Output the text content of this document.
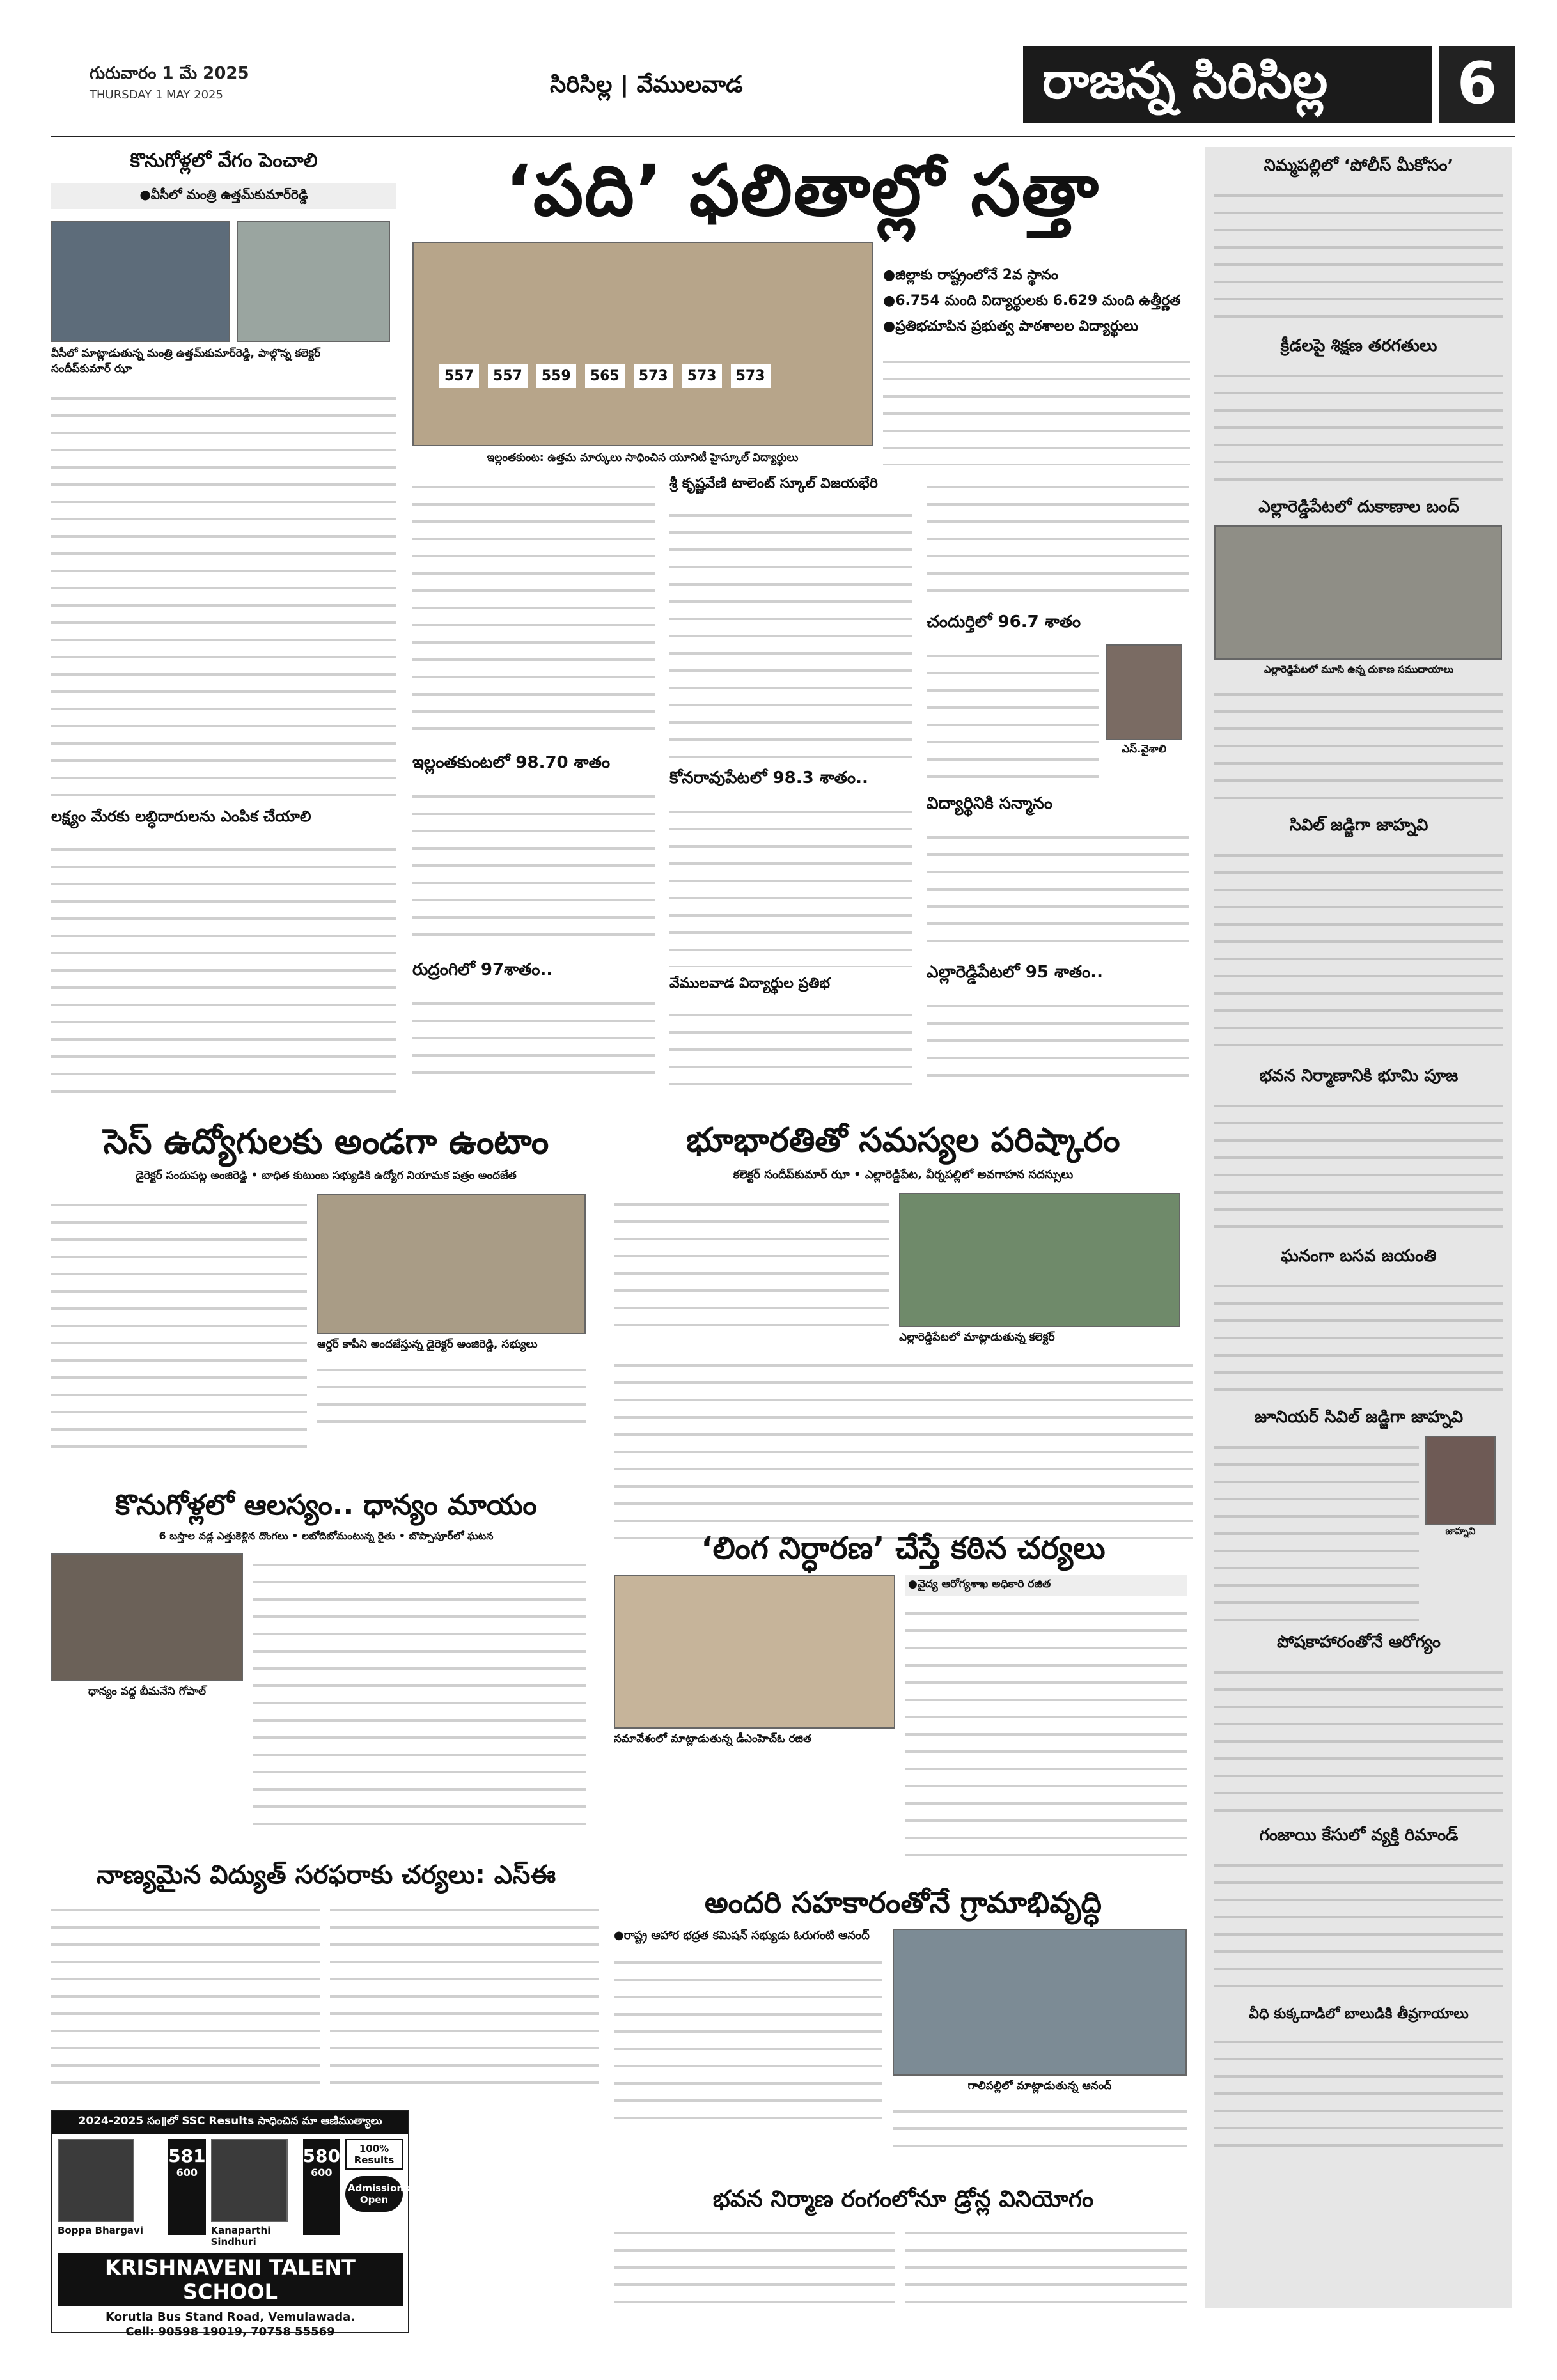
గురువారం 1 మే 2025
THURSDAY 1 MAY 2025	సిరిసిల్ల | వేములవాడ	రాజన్న సిరిసిల్ల	6
కొనుగోళ్లలో వేగం పెంచాలి
● వీసీలో మంత్రి ఉత్తమ్‌కుమార్‌రెడ్డి
వీసీలో మాట్లాడుతున్న మంత్రి ఉత్తమ్‌కుమార్‌రెడ్డి, పాల్గొన్న కలెక్టర్ సందీప్‌కుమార్ ఝా
లక్ష్యం మేరకు లబ్ధిదారులను ఎంపిక చేయాలి
‘పది’ ఫలితాల్లో సత్తా
557	557	559	565	573	573	573
ఇల్లంతకుంట: ఉత్తమ మార్కులు సాధించిన యూనిటీ హైస్కూల్ విద్యార్థులు
● జిల్లాకు రాష్ట్రంలోనే 2వ స్థానం
● 6.754 మంది విద్యార్థులకు 6.629 మంది ఉత్తీర్ణత
● ప్రతిభచూపిన ప్రభుత్వ పాఠశాలల విద్యార్థులు
ఇల్లంతకుంటలో 98.70 శాతం
రుద్రంగిలో 97శాతం..
శ్రీ కృష్ణవేణి టాలెంట్ స్కూల్ విజయభేరి
కోనరావుపేటలో 98.3 శాతం..
వేములవాడ విద్యార్థుల ప్రతిభ
చందుర్తిలో 96.7 శాతం
ఎస్.వైశాలి
విద్యార్థినికి సన్మానం
ఎల్లారెడ్డిపేటలో 95 శాతం..
సెస్ ఉద్యోగులకు అండగా ఉంటాం
డైరెక్టర్ సందుపట్ల అంజిరెడ్డి • బాధిత కుటుంబ సభ్యుడికి ఉద్యోగ నియామక పత్రం అందజేత
ఆర్డర్ కాపీని అందజేస్తున్న డైరెక్టర్ అంజిరెడ్డి, సభ్యులు
భూభారతితో సమస్యల పరిష్కారం
కలెక్టర్ సందీప్‌కుమార్ ఝా • ఎల్లారెడ్డిపేట, వీర్నపల్లిలో అవగాహన సదస్సులు
ఎల్లారెడ్డిపేటలో మాట్లాడుతున్న కలెక్టర్
కొనుగోళ్లలో ఆలస్యం.. ధాన్యం మాయం
6 బస్తాల వడ్ల ఎత్తుకెళ్లిన దొంగలు • లబోదిబోమంటున్న రైతు • బొప్పాపూర్‌లో ఘటన
ధాన్యం వద్ద బీమనేని గోపాల్
‘లింగ నిర్ధారణ’ చేస్తే కఠిన చర్యలు
సమావేశంలో మాట్లాడుతున్న డీఎంహెచ్ఓ రజిత
● వైద్య ఆరోగ్యశాఖ అధికారి రజిత
నాణ్యమైన విద్యుత్ సరఫరాకు చర్యలు: ఎస్ఈ
అందరి సహకారంతోనే గ్రామాభివృద్ధి
● రాష్ట్ర ఆహార భద్రత కమిషన్ సభ్యుడు ఓరుగంటి ఆనంద్
గాలిపల్లిలో మాట్లాడుతున్న ఆనంద్
భవన నిర్మాణ రంగంలోనూ డ్రోన్ల వినియోగం
నిమ్మపల్లిలో ‘పోలీస్ మీకోసం’
క్రీడలపై శిక్షణ తరగతులు
ఎల్లారెడ్డిపేటలో దుకాణాల బంద్
ఎల్లారెడ్డిపేటలో మూసి ఉన్న దుకాణ సముదాయాలు
సివిల్ జడ్జిగా జాహ్నవి
భవన నిర్మాణానికి భూమి పూజ
ఘనంగా బసవ జయంతి
జూనియర్ సివిల్ జడ్జిగా జాహ్నవి
జాహ్నవి
పోషకాహారంతోనే ఆరోగ్యం
గంజాయి కేసులో వ్యక్తి రిమాండ్
వీధి కుక్కదాడిలో బాలుడికి తీవ్రగాయాలు
2024-2025 సం॥లో SSC Results సాధించిన మా ఆణిముత్యాలు
Boppa Bhargavi
581
600
Kanaparthi Sindhuri
580
600
100% Results
Admissions Open
KRISHNAVENI TALENT SCHOOL
Korutla Bus Stand Road, Vemulawada.
Cell: 90598 19019, 70758 55569
